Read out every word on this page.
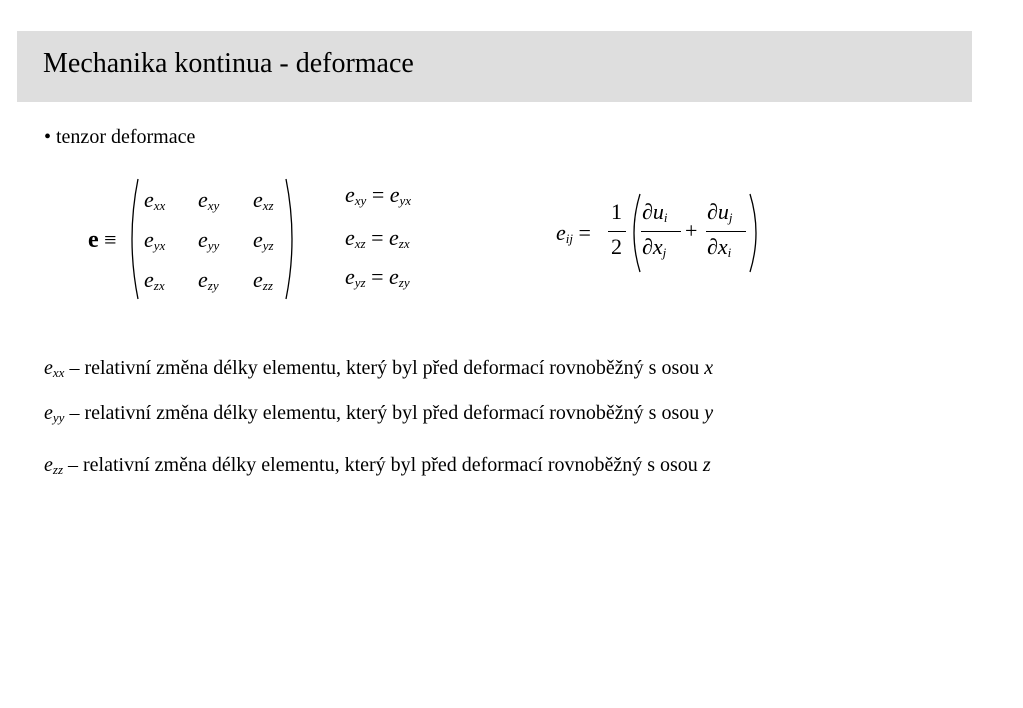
Mechanika kontinua - deformace
• tenzor deformace
e ≡
$e_{xx}$ $e_{xy}$ $e_{xz}$
$e_{yx}$ $e_{yy}$ $e_{yz}$
$e_{zx}$ $e_{zy}$ $e_{zz}$
$e_{xy} = e_{yx}$
$e_{xz} = e_{zx}$
$e_{yz} = e_{zy}$
$e_{ij}$ =
1
2
$\partial u_i$
$\partial x_j$
+
$\partial u_j$
$\partial x_i$
$e_{xx}$ – relativní změna délky elementu, který byl před deformací rovnoběžný s osou x
$e_{yy}$ – relativní změna délky elementu, který byl před deformací rovnoběžný s osou y
$e_{zz}$ – relativní změna délky elementu, který byl před deformací rovnoběžný s osou z
